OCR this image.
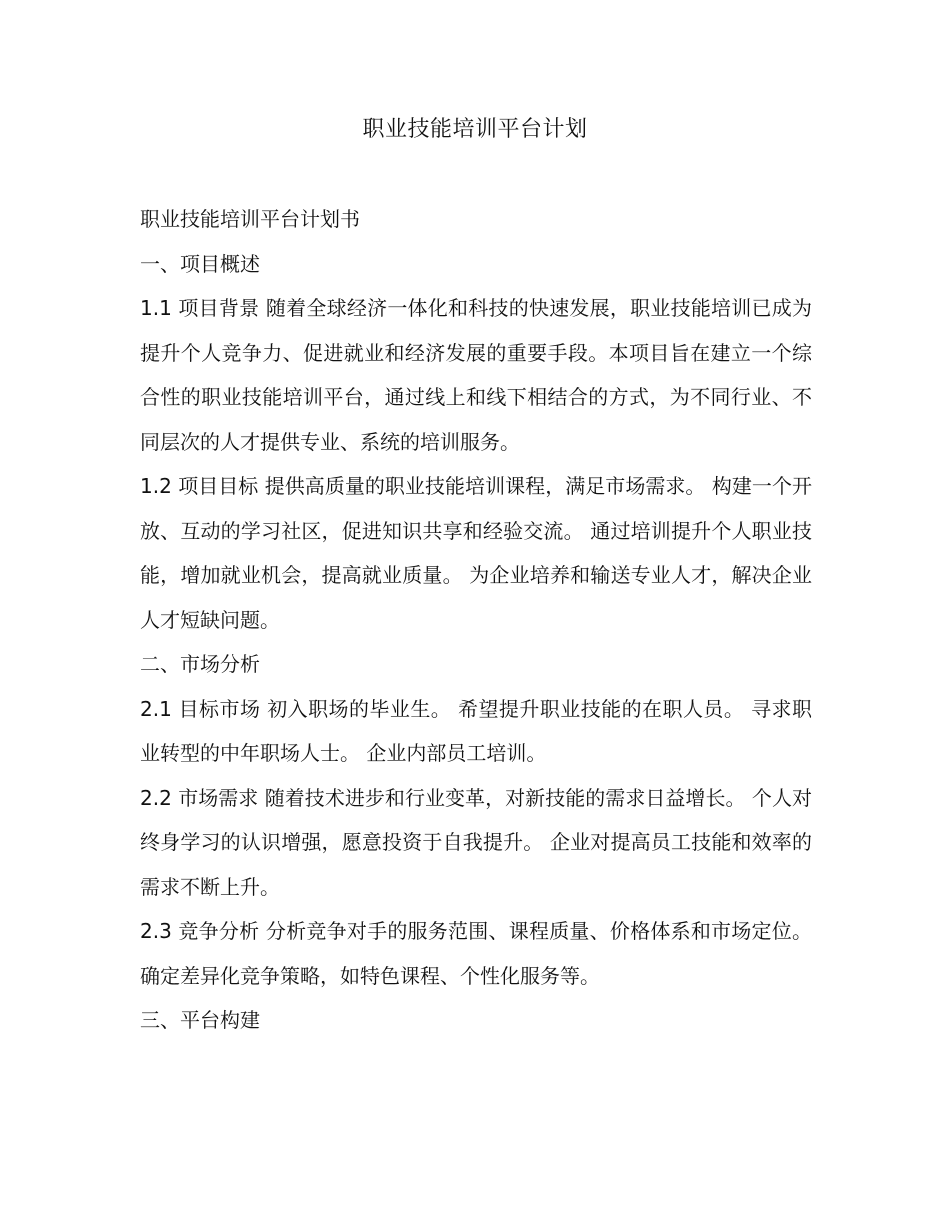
职业技能培训平台计划

职业技能培训平台计划书

一、项目概述

1.1 项目背景 随着全球经济一体化和科技的快速发展，职业技能培训已成为提升个人竞争力、促进就业和经济发展的重要手段。本项目旨在建立一个综合性的职业技能培训平台，通过线上和线下相结合的方式，为不同行业、不同层次的人才提供专业、系统的培训服务。

1.2 项目目标 提供高质量的职业技能培训课程，满足市场需求。 构建一个开放、互动的学习社区，促进知识共享和经验交流。 通过培训提升个人职业技能，增加就业机会，提高就业质量。 为企业培养和输送专业人才，解决企业人才短缺问题。

二、市场分析

2.1 目标市场 初入职场的毕业生。 希望提升职业技能的在职人员。 寻求职业转型的中年职场人士。 企业内部员工培训。

2.2 市场需求 随着技术进步和行业变革，对新技能的需求日益增长。 个人对终身学习的认识增强，愿意投资于自我提升。 企业对提高员工技能和效率的需求不断上升。

2.3 竞争分析 分析竞争对手的服务范围、课程质量、价格体系和市场定位。 确定差异化竞争策略，如特色课程、个性化服务等。

三、平台构建
